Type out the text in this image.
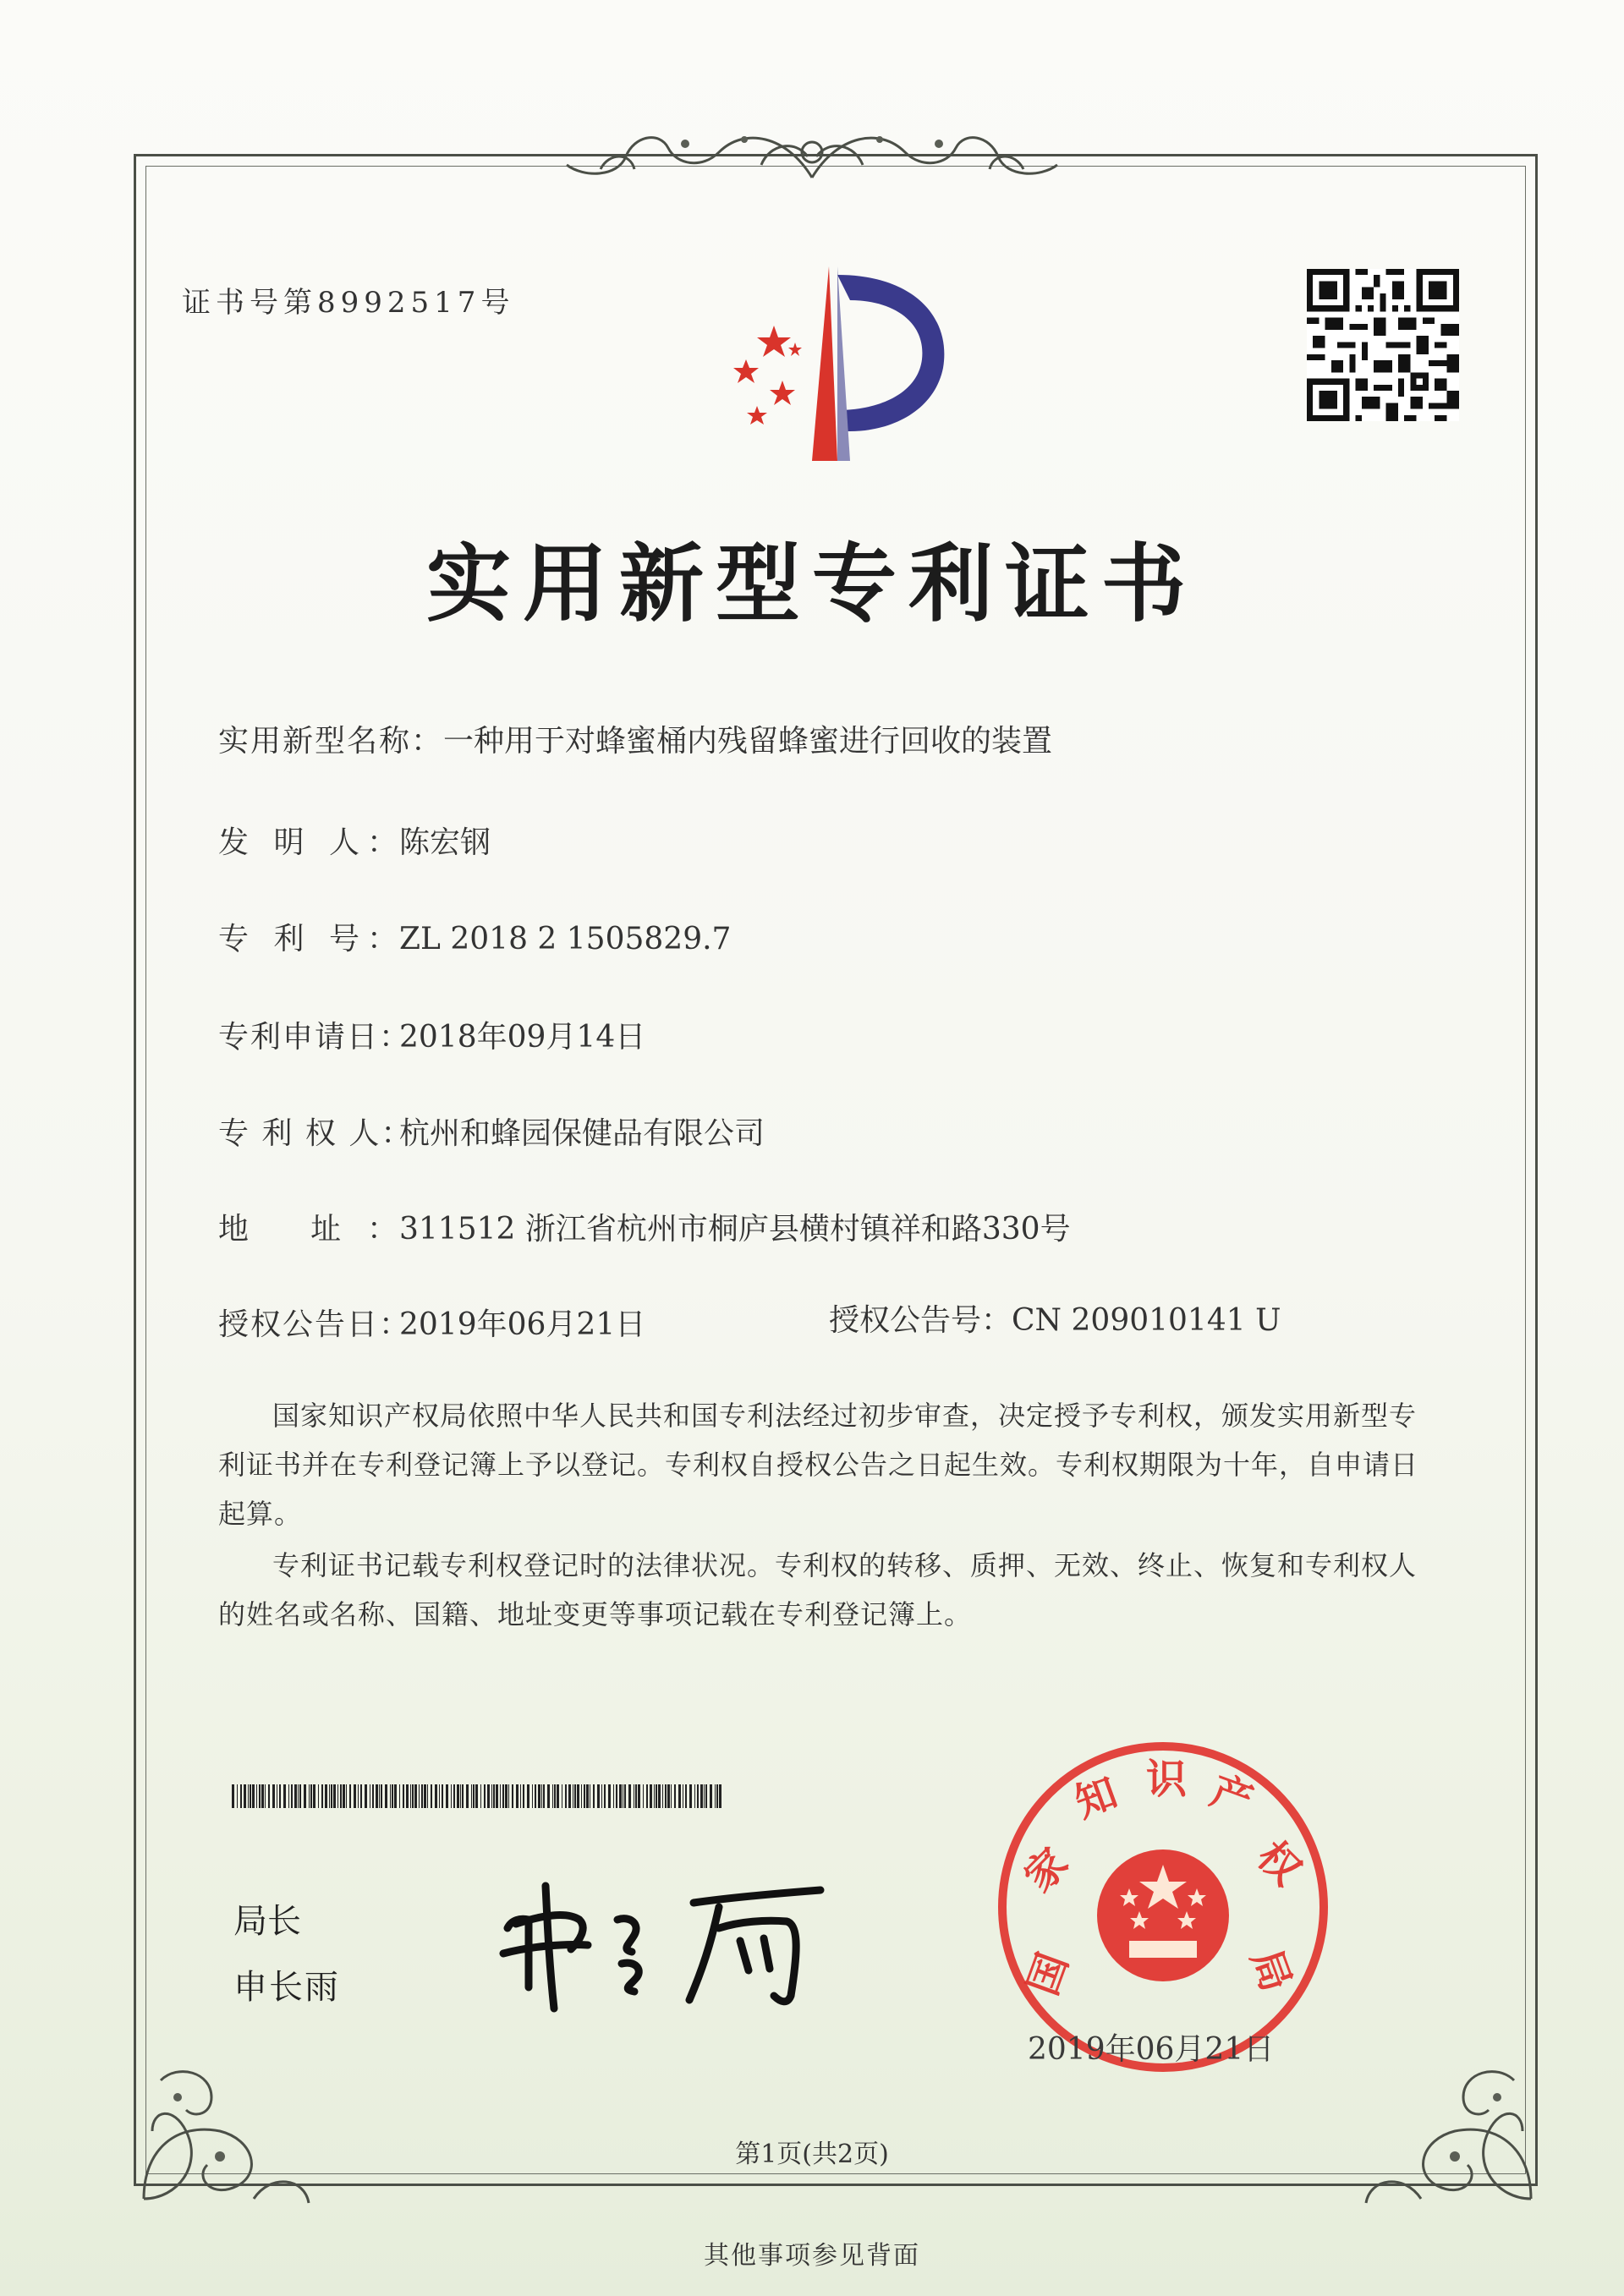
证书号第8992517号
实用新型专利证书
实用新型名称：一种用于对蜂蜜桶内残留蜂蜜进行回收的装置
发 明 人：陈宏钢
专 利 号：ZL 2018 2 1505829.7
专利申请日：2018年09月14日
专 利 权 人：杭州和蜂园保健品有限公司
地 址：311512 浙江省杭州市桐庐县横村镇祥和路330号
授权公告日：2019年06月21日	授权公告号：CN 209010141 U

国家知识产权局依照中华人民共和国专利法经过初步审查，决定授予专利权，颁发实用新型专利证书并在专利登记簿上予以登记。专利权自授权公告之日起生效。专利权期限为十年，自申请日起算。

专利证书记载专利权登记时的法律状况。专利权的转移、质押、无效、终止、恢复和专利权人的姓名或名称、国籍、地址变更等事项记载在专利登记簿上。

局长
申长雨	国
家
知 识 产
权
局
2019年06月21日
第1页(共2页)
其他事项参见背面
